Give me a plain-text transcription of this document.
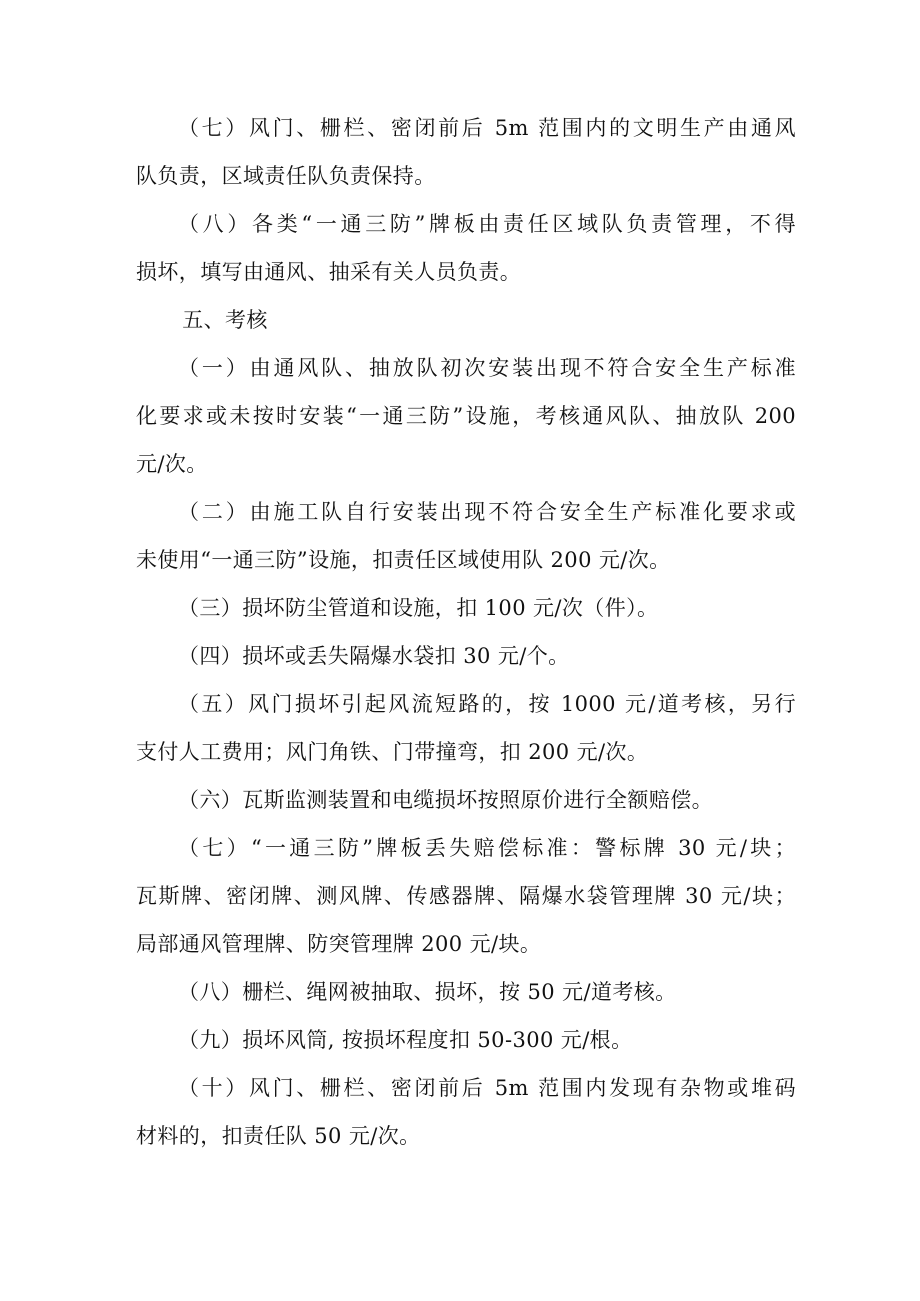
（七）风门、栅栏、密闭前后 5m 范围内的文明生产由通风
队负责，区域责任队负责保持。
（八）各类“一通三防”牌板由责任区域队负责管理，不得
损坏，填写由通风、抽采有关人员负责。
五、考核
（一）由通风队、抽放队初次安装出现不符合安全生产标准
化要求或未按时安装“一通三防”设施，考核通风队、抽放队 200
元/次。
（二）由施工队自行安装出现不符合安全生产标准化要求或
未使用“一通三防”设施，扣责任区域使用队 200 元/次。
（三）损坏防尘管道和设施，扣 100 元/次（件）。
（四）损坏或丢失隔爆水袋扣 30 元/个。
（五）风门损坏引起风流短路的，按 1000 元/道考核，另行
支付人工费用；风门角铁、门带撞弯，扣 200 元/次。
（六）瓦斯监测装置和电缆损坏按照原价进行全额赔偿。
（七）“一通三防”牌板丢失赔偿标准：警标牌 30 元/块；
瓦斯牌、密闭牌、测风牌、传感器牌、隔爆水袋管理牌 30 元/块；
局部通风管理牌、防突管理牌 200 元/块。
（八）栅栏、绳网被抽取、损坏，按 50 元/道考核。
（九）损坏风筒, 按损坏程度扣 50-300 元/根。
（十）风门、栅栏、密闭前后 5m 范围内发现有杂物或堆码
材料的，扣责任队 50 元/次。
